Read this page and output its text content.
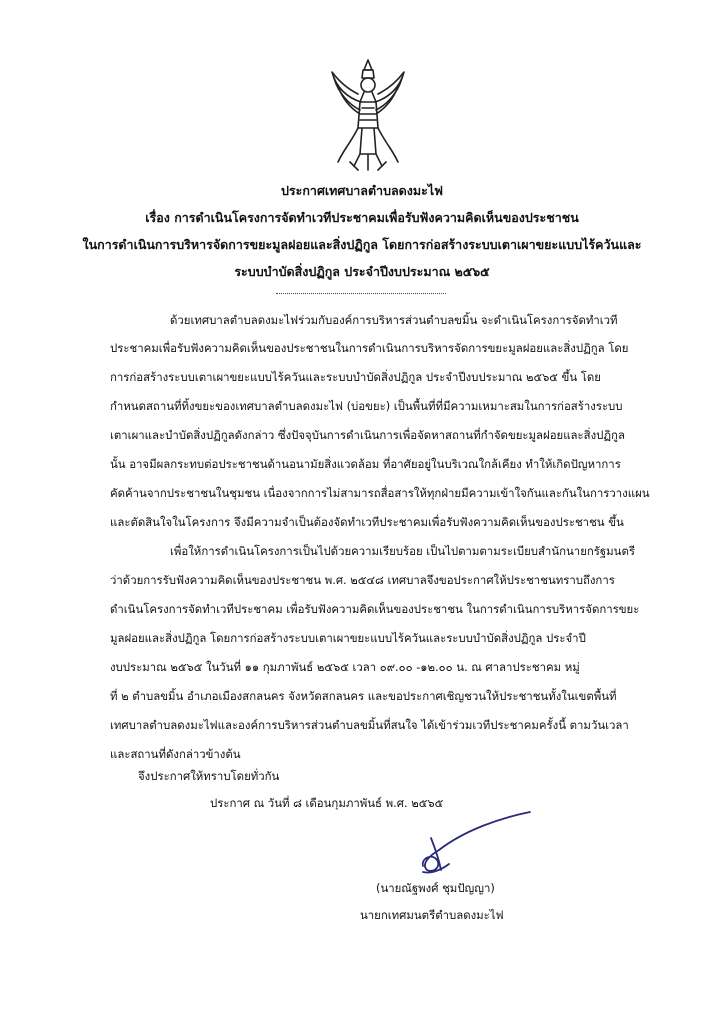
ประกาศเทศบาลตำบลดงมะไฟ
เรื่อง การดำเนินโครงการจัดทำเวทีประชาคมเพื่อรับฟังความคิดเห็นของประชาชน
ในการดำเนินการบริหารจัดการขยะมูลฝอยและสิ่งปฏิกูล โดยการก่อสร้างระบบเตาเผาขยะแบบไร้ควันและ
ระบบบำบัดสิ่งปฏิกูล ประจำปีงบประมาณ ๒๕๖๕
ด้วยเทศบาลตำบลดงมะไฟร่วมกับองค์การบริหารส่วนตำบลขมิ้น จะดำเนินโครงการจัดทำเวที
ประชาคมเพื่อรับฟังความคิดเห็นของประชาชนในการดำเนินการบริหารจัดการขยะมูลฝอยและสิ่งปฏิกูล โดย
การก่อสร้างระบบเตาเผาขยะแบบไร้ควันและระบบบำบัดสิ่งปฏิกูล ประจำปีงบประมาณ ๒๕๖๕ ขึ้น โดย
กำหนดสถานที่ทิ้งขยะของเทศบาลตำบลดงมะไฟ (บ่อขยะ) เป็นพื้นที่ที่มีความเหมาะสมในการก่อสร้างระบบ
เตาเผาและบำบัดสิ่งปฏิกูลดังกล่าว ซึ่งปัจจุบันการดำเนินการเพื่อจัดหาสถานที่กำจัดขยะมูลฝอยและสิ่งปฏิกูล
นั้น อาจมีผลกระทบต่อประชาชนด้านอนามัยสิ่งแวดล้อม ที่อาศัยอยู่ในบริเวณใกล้เคียง ทำให้เกิดปัญหาการ
คัดค้านจากประชาชนในชุมชน เนื่องจากการไม่สามารถสื่อสารให้ทุกฝ่ายมีความเข้าใจกันและกันในการวางแผน
และตัดสินใจในโครงการ จึงมีความจำเป็นต้องจัดทำเวทีประชาคมเพื่อรับฟังความคิดเห็นของประชาชน ขึ้น
เพื่อให้การดำเนินโครงการเป็นไปด้วยความเรียบร้อย เป็นไปตามตามระเบียบสำนักนายกรัฐมนตรี
ว่าด้วยการรับฟังความคิดเห็นของประชาชน พ.ศ. ๒๕๔๘ เทศบาลจึงขอประกาศให้ประชาชนทราบถึงการ
ดำเนินโครงการจัดทำเวทีประชาคม เพื่อรับฟังความคิดเห็นของประชาชน ในการดำเนินการบริหารจัดการขยะ
มูลฝอยและสิ่งปฏิกูล โดยการก่อสร้างระบบเตาเผาขยะแบบไร้ควันและระบบบำบัดสิ่งปฏิกูล ประจำปี
งบประมาณ ๒๕๖๕ ในวันที่ ๑๑ กุมภาพันธ์ ๒๕๖๕ เวลา ๐๙.๐๐ -๑๒.๐๐ น. ณ ศาลาประชาคม หมู่
ที่ ๒ ตำบลขมิ้น อำเภอเมืองสกลนคร จังหวัดสกลนคร และขอประกาศเชิญชวนให้ประชาชนทั้งในเขตพื้นที่
เทศบาลตำบลดงมะไฟและองค์การบริหารส่วนตำบลขมิ้นที่สนใจ ได้เข้าร่วมเวทีประชาคมครั้งนี้ ตามวันเวลา
และสถานที่ดังกล่าวข้างต้น
จึงประกาศให้ทราบโดยทั่วกัน
ประกาศ ณ วันที่ ๘ เดือนกุมภาพันธ์ พ.ศ. ๒๕๖๕
(นายณัฐพงศ์ ชุมปัญญา)
นายกเทศมนตรีตำบลดงมะไฟ
